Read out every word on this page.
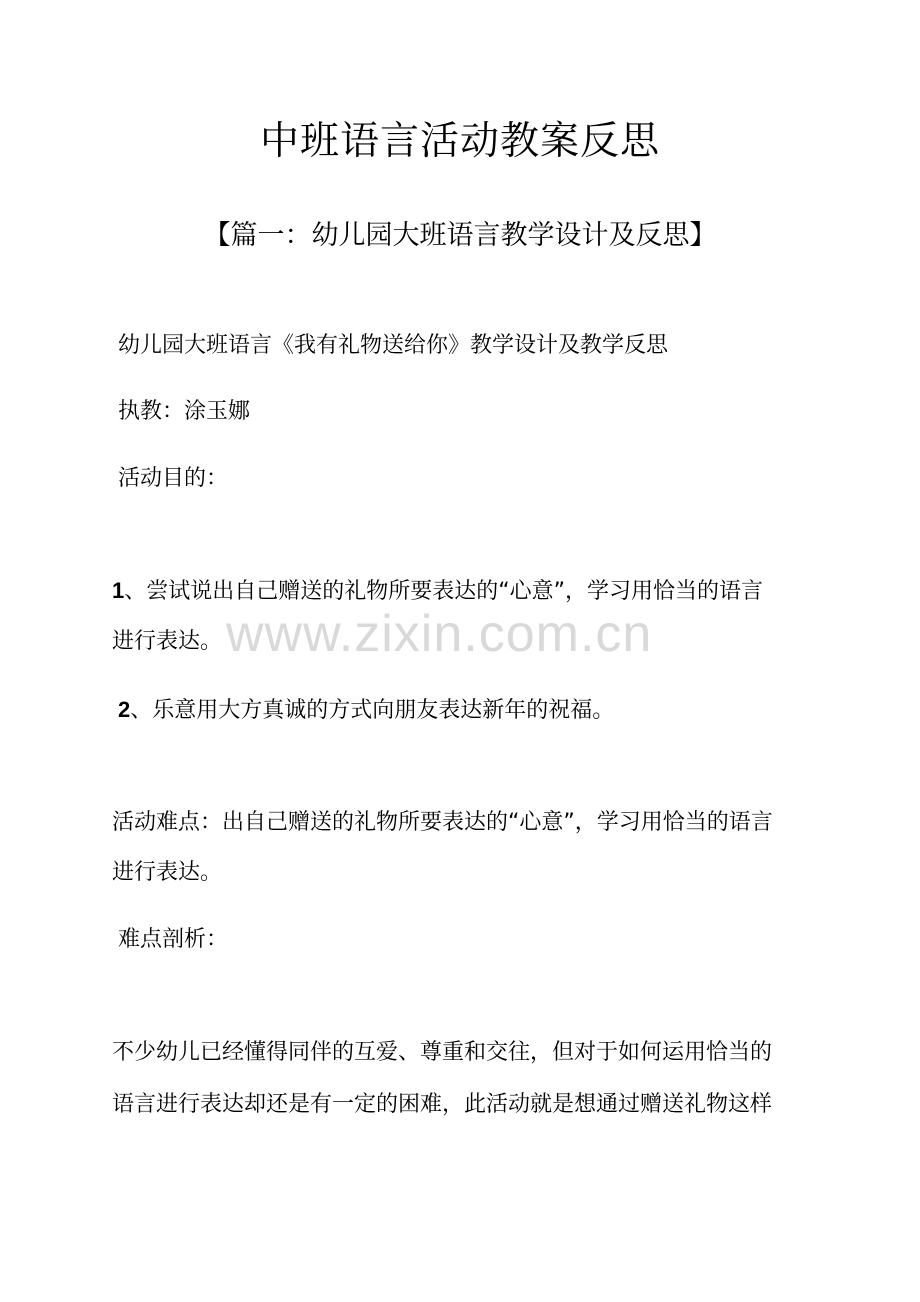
中班语言活动教案反思
【篇一：幼儿园大班语言教学设计及反思】
幼儿园大班语言《我有礼物送给你》教学设计及教学反思
执教：涂玉娜
活动目的：
1、尝试说出自己赠送的礼物所要表达的“心意”，学习用恰当的语言
进行表达。
2、乐意用大方真诚的方式向朋友表达新年的祝福。
活动难点：出自己赠送的礼物所要表达的“心意”，学习用恰当的语言
进行表达。
难点剖析：
不少幼儿已经懂得同伴的互爱、尊重和交往，但对于如何运用恰当的
语言进行表达却还是有一定的困难，此活动就是想通过赠送礼物这样
www.zixin.com.cn
